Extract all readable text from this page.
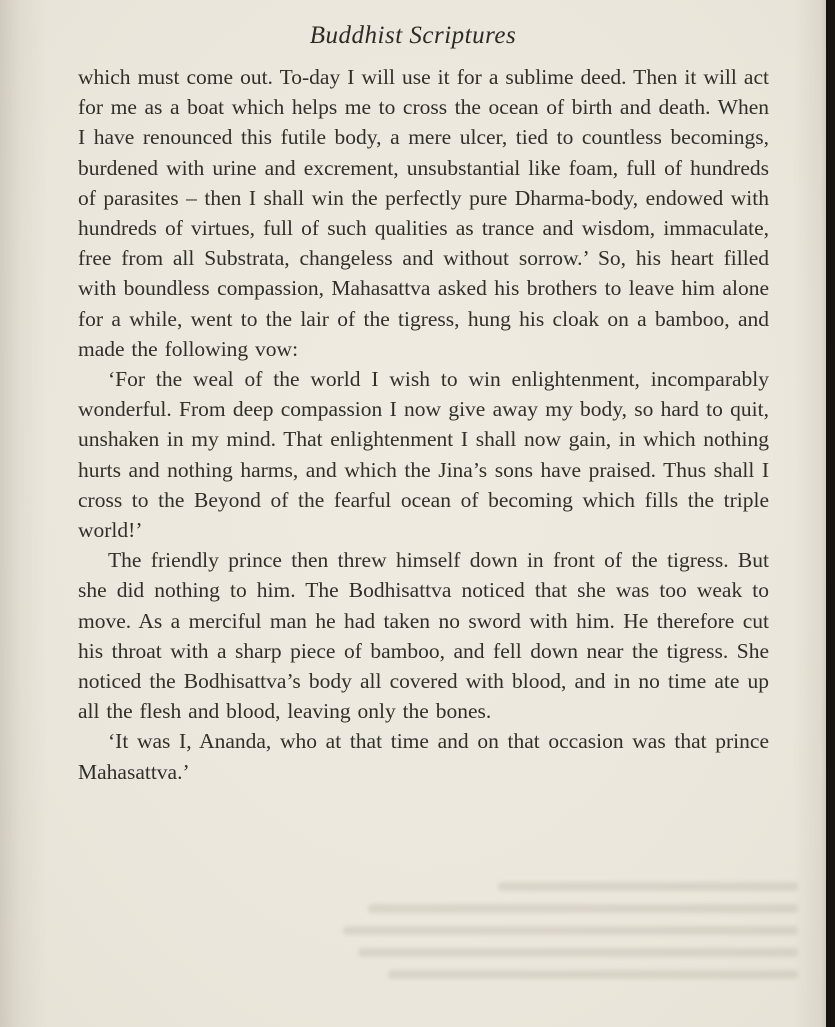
Buddhist Scriptures

which must come out. To-day I will use it for a sublime deed. Then it will act for me as a boat which helps me to cross the ocean of birth and death. When I have renounced this futile body, a mere ulcer, tied to countless becomings, burdened with urine and excrement, unsubstantial like foam, full of hundreds of parasites – then I shall win the perfectly pure Dharma-body, endowed with hundreds of virtues, full of such qualities as trance and wisdom, immaculate, free from all Substrata, changeless and without sorrow.’ So, his heart filled with boundless compassion, Mahasattva asked his brothers to leave him alone for a while, went to the lair of the tigress, hung his cloak on a bamboo, and made the following vow:

‘For the weal of the world I wish to win enlightenment, incomparably wonderful. From deep compassion I now give away my body, so hard to quit, unshaken in my mind. That enlightenment I shall now gain, in which nothing hurts and nothing harms, and which the Jina’s sons have praised. Thus shall I cross to the Beyond of the fearful ocean of becoming which fills the triple world!’

The friendly prince then threw himself down in front of the tigress. But she did nothing to him. The Bodhisattva noticed that she was too weak to move. As a merciful man he had taken no sword with him. He therefore cut his throat with a sharp piece of bamboo, and fell down near the tigress. She noticed the Bodhisattva’s body all covered with blood, and in no time ate up all the flesh and blood, leaving only the bones.

‘It was I, Ananda, who at that time and on that occasion was that prince Mahasattva.’
